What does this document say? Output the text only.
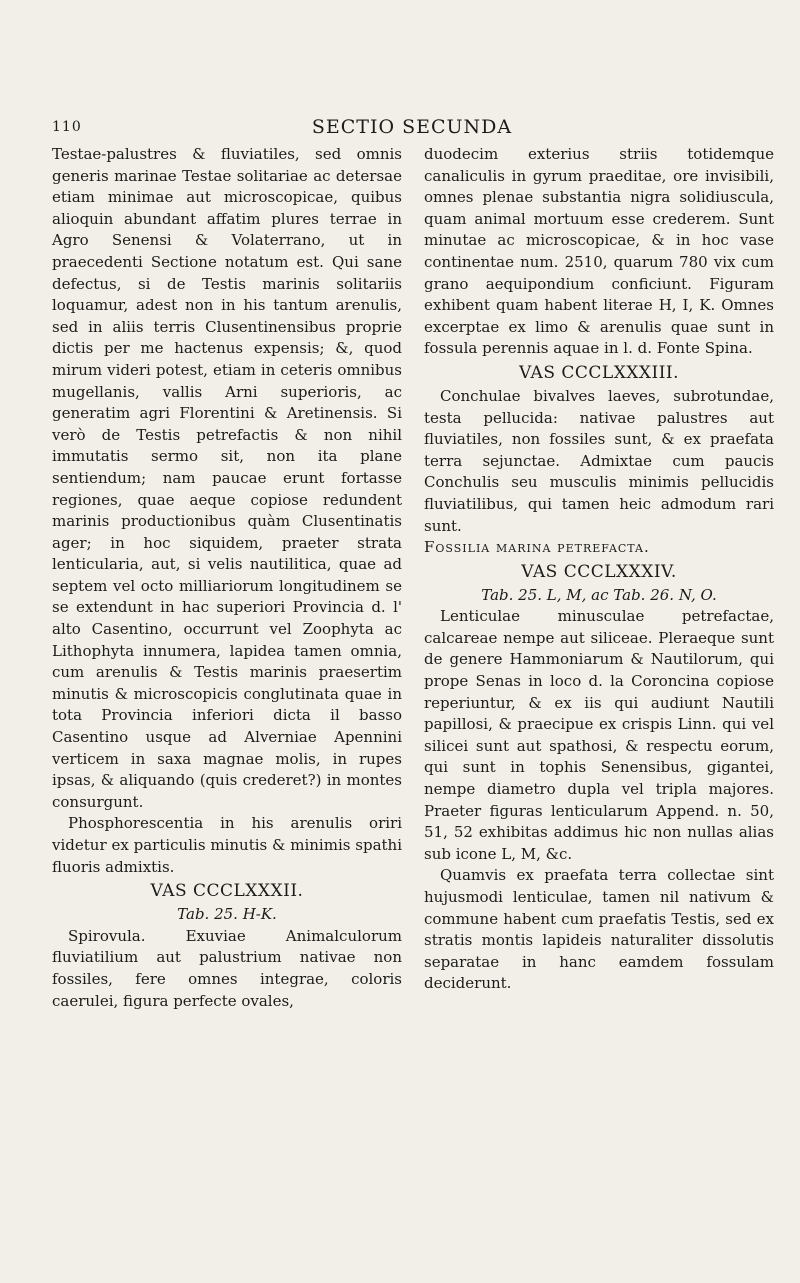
110	SECTIO SECUNDA

Testae-palustres & fluviatiles, sed omnis generis marinae Testae solitariae ac detersae etiam minimae aut microscopicae, quibus alioquin abundant affatim plures terrae in Agro Senensi & Volaterrano, ut in praecedenti Sectione notatum est. Qui sane defectus, si de Testis marinis solitariis loquamur, adest non in his tantum arenulis, sed in aliis terris Clusentinensibus proprie dictis per me hactenus expensis; &, quod mirum videri potest, etiam in ceteris omnibus mugellanis, vallis Arni superioris, ac generatim agri Florentini & Aretinensis. Si verò de Testis petrefactis & non nihil immutatis sermo sit, non ita plane sentiendum; nam paucae erunt fortasse regiones, quae aeque copiose redundent marinis productionibus quàm Clusentinatis ager; in hoc siquidem, praeter strata lenticularia, aut, si velis nautilitica, quae ad septem vel octo milliariorum longitudinem se se extendunt in hac superiori Provincia d. l' alto Casentino, occurrunt vel Zoophyta ac Lithophyta innumera, lapidea tamen omnia, cum arenulis & Testis marinis praesertim minutis & microscopicis conglutinata quae in tota Provincia inferiori dicta il basso Casentino usque ad Alverniae Apennini verticem in saxa magnae molis, in rupes ipsas, & aliquando (quis crederet?) in montes consurgunt.

Phosphorescentia in his arenulis oriri videtur ex particulis minutis & minimis spathi fluoris admixtis.

VAS CCCLXXXII.

Tab. 25. H-K.

Spirovula. Exuviae Animalculorum fluviatilium aut palustrium nativae non fossiles, fere omnes integrae, coloris caerulei, figura perfecte ovales,

duodecim exterius striis totidemque canaliculis in gyrum praeditae, ore invisibili, omnes plenae substantia nigra solidiuscula, quam animal mortuum esse crederem. Sunt minutae ac microscopicae, & in hoc vase continentae num. 2510, quarum 780 vix cum grano aequipondium conficiunt. Figuram exhibent quam habent literae H, I, K. Omnes excerptae ex limo & arenulis quae sunt in fossula perennis aquae in l. d. Fonte Spina.

VAS CCCLXXXIII.

Conchulae bivalves laeves, subrotundae, testa pellucida: nativae palustres aut fluviatiles, non fossiles sunt, & ex praefata terra sejunctae. Admixtae cum paucis Conchulis seu musculis minimis pellucidis fluviatilibus, qui tamen heic admodum rari sunt.

Fossilia marina petrefacta.

VAS CCCLXXXIV.

Tab. 25. L, M, ac Tab. 26. N, O.

Lenticulae minusculae petrefactae, calcareae nempe aut siliceae. Pleraeque sunt de genere Hammoniarum & Nautilorum, qui prope Senas in loco d. la Coroncina copiose reperiuntur, & ex iis qui audiunt Nautili papillosi, & praecipue ex crispis Linn. qui vel silicei sunt aut spathosi, & respectu eorum, qui sunt in tophis Senensibus, gigantei, nempe diametro dupla vel tripla majores. Praeter figuras lenticularum Append. n. 50, 51, 52 exhibitas addimus hic non nullas alias sub icone L, M, &c.

Quamvis ex praefata terra collectae sint hujusmodi lenticulae, tamen nil nativum & commune habent cum praefatis Testis, sed ex stratis montis lapideis naturaliter dissolutis separatae in hanc eamdem fossulam deciderunt.
